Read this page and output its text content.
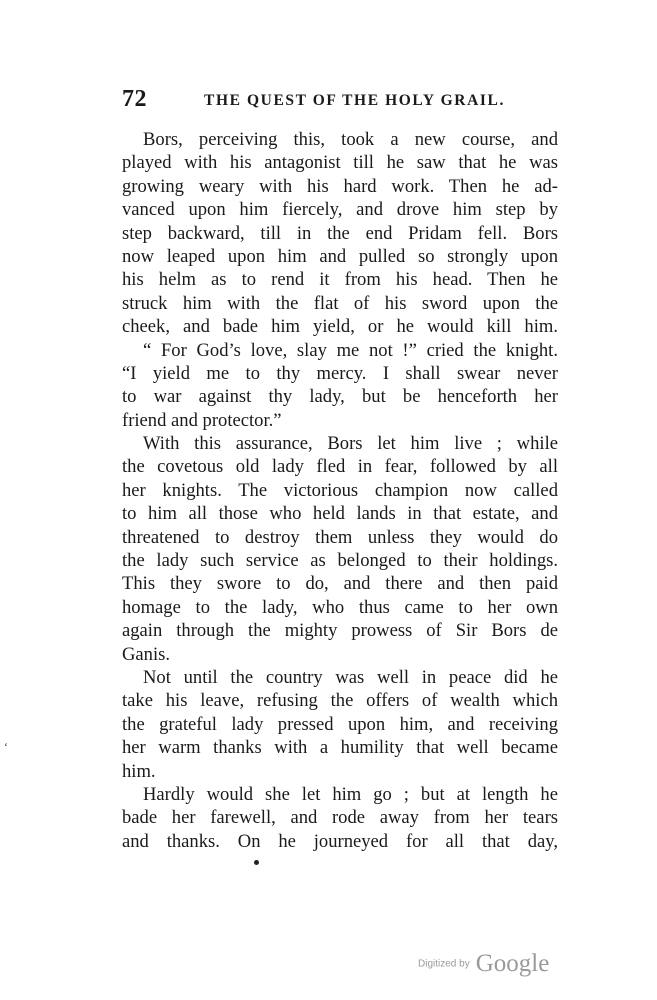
72	THE QUEST OF THE HOLY GRAIL.
Bors, perceiving this, took a new course, and
played with his antagonist till he saw that he was
growing weary with his hard work. Then he ad-
vanced upon him fiercely, and drove him step by
step backward, till in the end Pridam fell. Bors
now leaped upon him and pulled so strongly upon
his helm as to rend it from his head. Then he
struck him with the flat of his sword upon the
cheek, and bade him yield, or he would kill him.
“ For God’s love, slay me not !” cried the knight.
“I yield me to thy mercy. I shall swear never
to war against thy lady, but be henceforth her
friend and protector.”
With this assurance, Bors let him live ; while
the covetous old lady fled in fear, followed by all
her knights. The victorious champion now called
to him all those who held lands in that estate, and
threatened to destroy them unless they would do
the lady such service as belonged to their holdings.
This they swore to do, and there and then paid
homage to the lady, who thus came to her own
again through the mighty prowess of Sir Bors de
Ganis.
Not until the country was well in peace did he
take his leave, refusing the offers of wealth which
the grateful lady pressed upon him, and receiving
her warm thanks with a humility that well became
him.
Hardly would she let him go ; but at length he
bade her farewell, and rode away from her tears
and thanks. On he journeyed for all that day,
‘
Digitized by Google
